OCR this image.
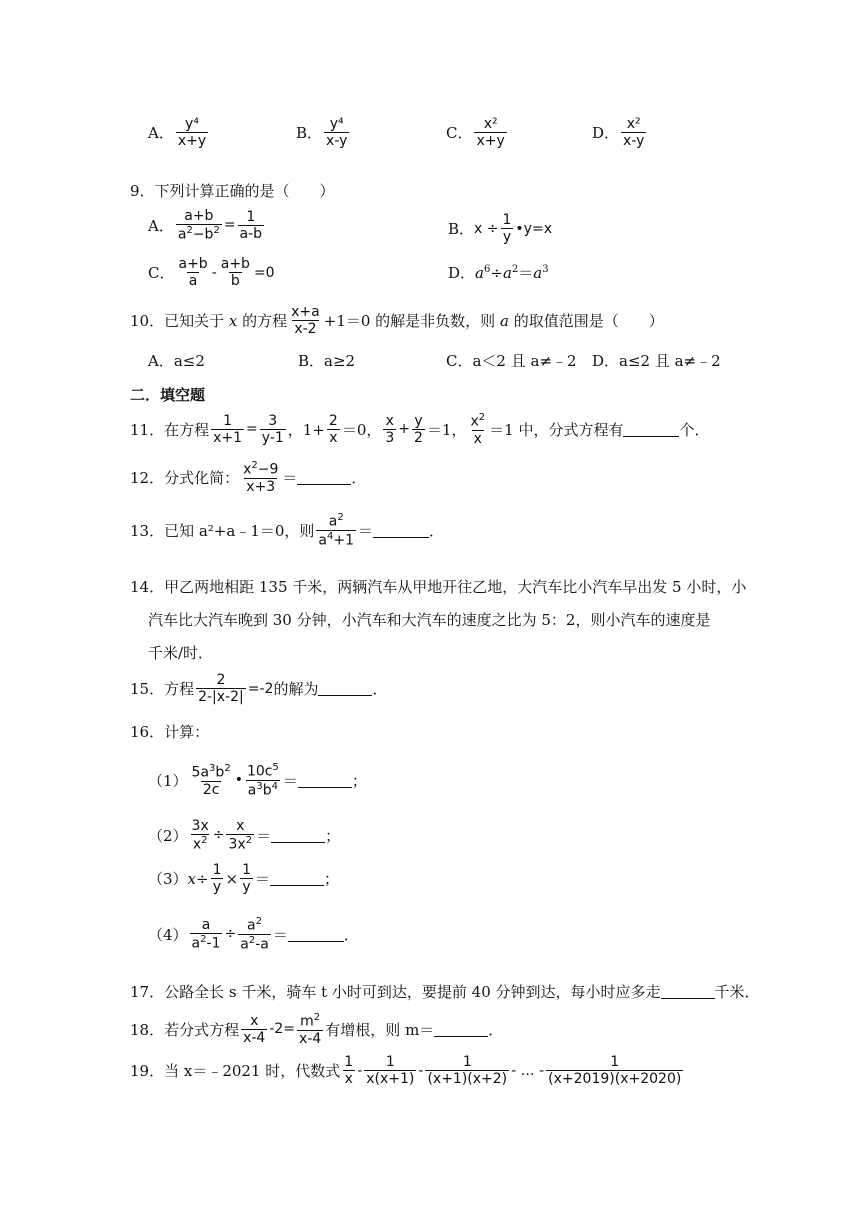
A． $\frac{\text{y⁴}}{x+y}$	B． $\frac{\text{y⁴}}{x-y}$	C． $\frac{\text{x²}}{x+y}$	D． $\frac{\text{x²}}{x-y}$
9．下列计算正确的是（　　）
A． $\frac{a+b}{a^2-b^2} = \frac{1}{a-b}$	B． $x \div \frac{1}{y}$ •y=x
C． $\frac{a+b}{a} - \frac{a+b}{b} =0$	D． $a^6\div a^2=a^3$
10．已知关于
x
的方程 $\frac{x+a}{x-2} +1=0$ 的解是非负数，则
a
的取值范围是（　　）
A．a≤2	B．a≥2	C．a＜2 且 a≠﹣2	D．a≤2 且 a≠﹣2
二．填空题
11．在方程 $\frac{1}{x+1} = \frac{3}{y-1}$ ，$1+ \frac{2}{x} =0$， $\frac{x}{3} + \frac{y}{2} =1$， $\frac{x^2}{x} =1$ 中，分式方程有	个．
12．分式化简： $\frac{x^2-9}{x+3}$ ＝	．
13．已知 a²+a﹣1＝0，则 $\frac{a^2}{a^4+1}$ ＝	．
14．甲乙两地相距 135 千米，两辆汽车从甲地开往乙地，大汽车比小汽车早出发 5 小时，小
汽车比大汽车晚到 30 分钟，小汽车和大汽车的速度之比为 5：2，则小汽车的速度是
千米/时．
15．方程 $\frac{2}{2-|x-2|} =-2$ 的解为	．
16．计算：
$(1) \frac{5a^3b^2}{2c}$ • $\frac{10c^5}{a^3b^4}$ ＝	；
$(2) \frac{3x}{x^2} \div \frac{x}{3x^2}$ ＝	；
（3） $x\div \frac{1}{y} \times \frac{1}{y}$ ＝	；
$(4) \frac{a}{a^2-1} \div \frac{a^2}{a^2-a}$ ＝	．
17．公路全长 s 千米，骑车 t 小时可到达，要提前 40 分钟到达，每小时应多走	千米．
18．若分式方程 $\frac{x}{x-4} -2= \frac{m^2}{x-4}$ 有增根，则 m＝	．
19．当 x＝﹣2021 时，代数式 $\frac{1}{x} - \frac{1}{x(x+1)} - \frac{1}{(x+1)(x+2)}$ - … - $\frac{1}{(x+2019)(x+2020)}$
